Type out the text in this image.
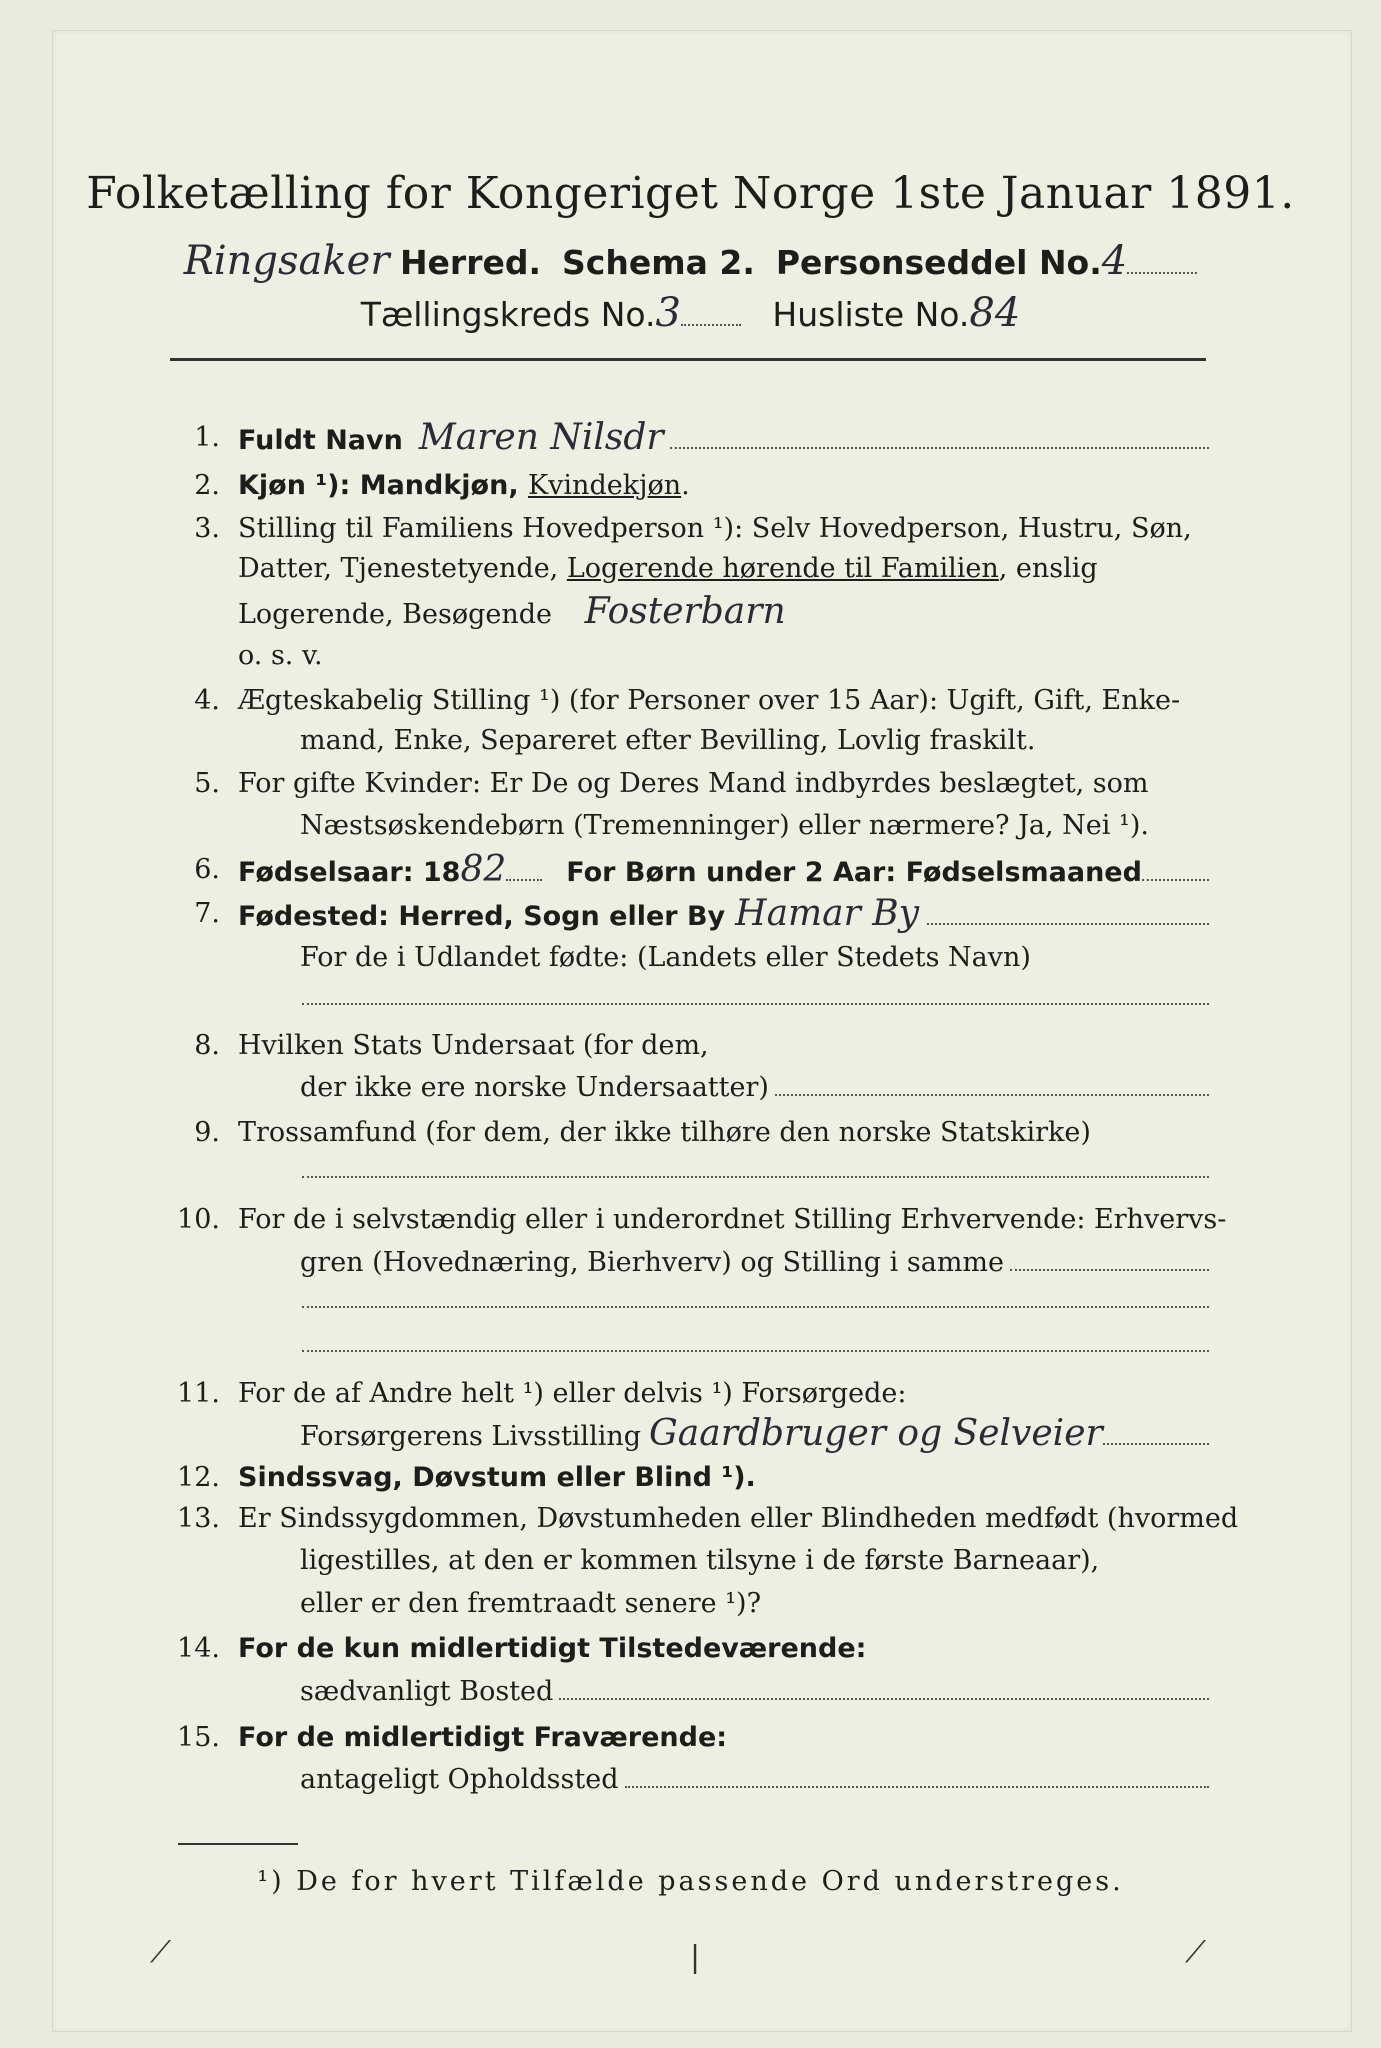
Folketælling for Kongeriget Norge 1ste Januar 1891.
Ringsaker Herred. Schema 2. Personseddel No.4
Tællingskreds No.3	Husliste No.84
1. Fuldt Navn Maren Nilsdr
2. Kjøn ¹): Mandkjøn, Kvindekjøn.
3. Stilling til Familiens Hovedperson ¹): Selv Hovedperson, Hustru, Søn,
Datter, Tjenestetyende, Logerende hørende til Familien, enslig
Logerende, Besøgende Fosterbarn
o. s. v.
4. Ægteskabelig Stilling ¹) (for Personer over 15 Aar): Ugift, Gift, Enke-
mand, Enke, Separeret efter Bevilling, Lovlig fraskilt.
5. For gifte Kvinder: Er De og Deres Mand indbyrdes beslægtet, som
Næstsøskendebørn (Tremenninger) eller nærmere? Ja, Nei ¹).
6. Fødselsaar: 18 82 For Børn under 2 Aar: Fødselsmaaned
7. Fødested: Herred, Sogn eller By Hamar By
For de i Udlandet fødte: (Landets eller Stedets Navn)
8. Hvilken Stats Undersaat (for dem,
der ikke ere norske Undersaatter)
9. Trossamfund (for dem, der ikke tilhøre den norske Statskirke)
10. For de i selvstændig eller i underordnet Stilling Erhvervende: Erhvervs-
gren (Hovednæring, Bierhverv) og Stilling i samme
11. For de af Andre helt ¹) eller delvis ¹) Forsørgede:
Forsørgerens Livsstilling Gaardbruger og Selveier
12. Sindssvag, Døvstum eller Blind ¹).
13. Er Sindssygdommen, Døvstumheden eller Blindheden medfødt (hvormed
ligestilles, at den er kommen tilsyne i de første Barneaar),
eller er den fremtraadt senere ¹)?
14. For de kun midlertidigt Tilstedeværende:
sædvanligt Bosted
15. For de midlertidigt Fraværende:
antageligt Opholdssted
¹) De for hvert Tilfælde passende Ord understreges.
⟋	|	⟋
